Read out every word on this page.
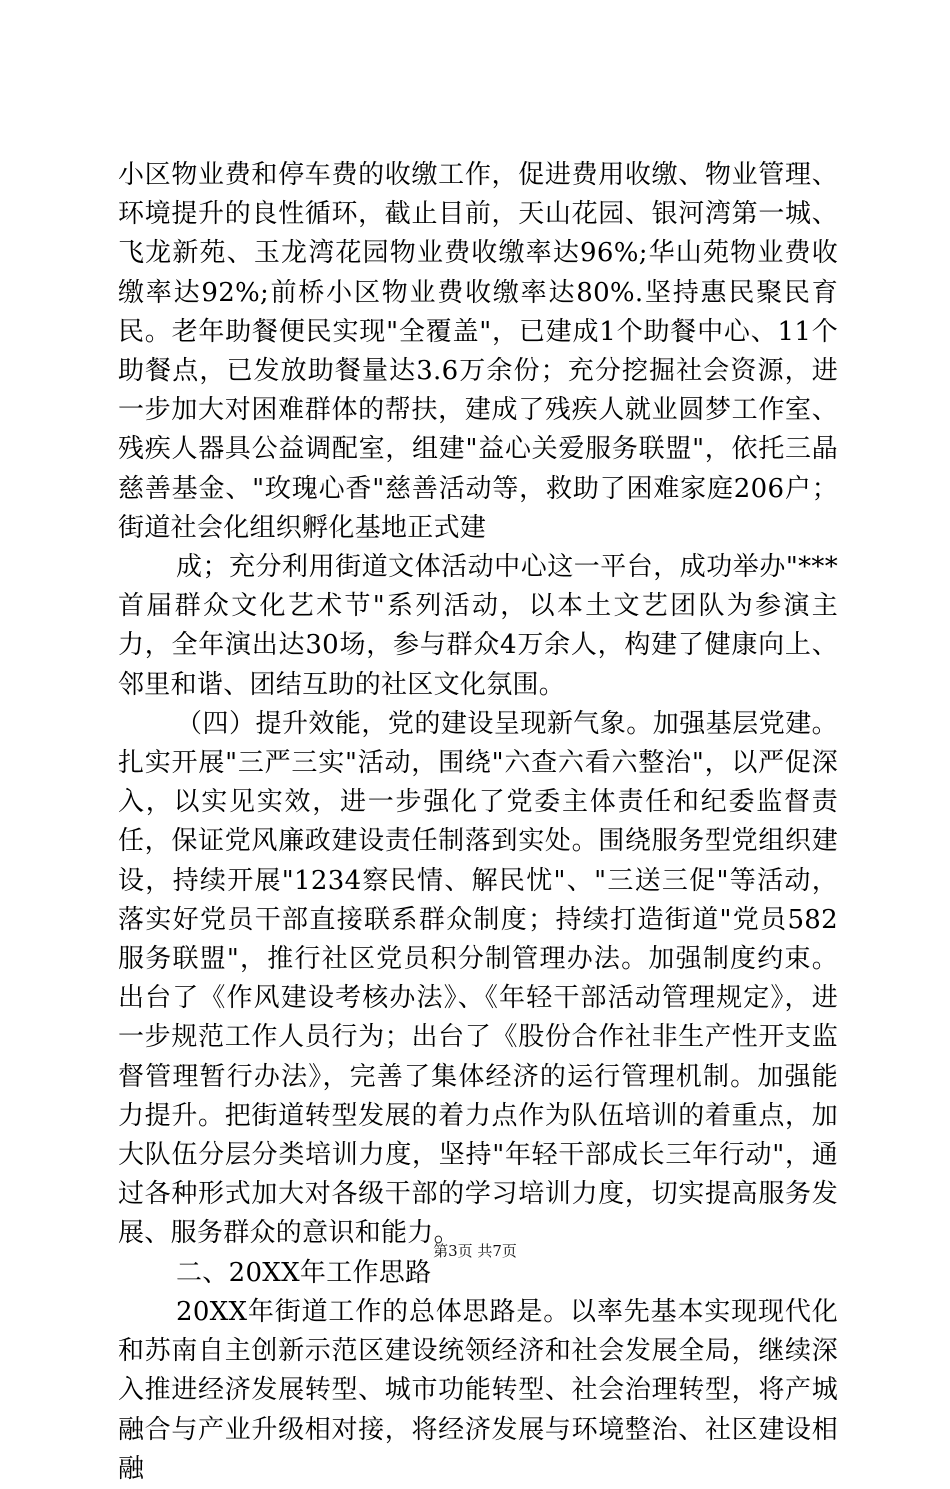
小区物业费和停车费的收缴工作，促进费用收缴、物业管理、环境提升的良性循环，截止目前，天山花园、银河湾第一城、飞龙新苑、玉龙湾花园物业费收缴率达96%;华山苑物业费收缴率达92%;前桥小区物业费收缴率达80%.坚持惠民聚民育民。老年助餐便民实现"全覆盖"，已建成1个助餐中心、11个助餐点，已发放助餐量达3.6万余份；充分挖掘社会资源，进一步加大对困难群体的帮扶，建成了残疾人就业圆梦工作室、残疾人器具公益调配室，组建"益心关爱服务联盟"，依托三晶慈善基金、"玫瑰心香"慈善活动等，救助了困难家庭206户；街道社会化组织孵化基地正式建

成；充分利用街道文体活动中心这一平台，成功举办"***首届群众文化艺术节"系列活动，以本土文艺团队为参演主力，全年演出达30场，参与群众4万余人，构建了健康向上、邻里和谐、团结互助的社区文化氛围。

（四）提升效能，党的建设呈现新气象。加强基层党建。扎实开展"三严三实"活动，围绕"六查六看六整治"，以严促深入，以实见实效，进一步强化了党委主体责任和纪委监督责任，保证党风廉政建设责任制落到实处。围绕服务型党组织建设，持续开展"1234察民情、解民忧"、"三送三促"等活动，落实好党员干部直接联系群众制度；持续打造街道"党员582服务联盟"，推行社区党员积分制管理办法。加强制度约束。出台了《作风建设考核办法》、《年轻干部活动管理规定》，进一步规范工作人员行为；出台了《股份合作社非生产性开支监督管理暂行办法》，完善了集体经济的运行管理机制。加强能力提升。把街道转型发展的着力点作为队伍培训的着重点，加大队伍分层分类培训力度，坚持"年轻干部成长三年行动"，通过各种形式加大对各级干部的学习培训力度，切实提高服务发展、服务群众的意识和能力。

二、20XX年工作思路

20XX年街道工作的总体思路是。以率先基本实现现代化和苏南自主创新示范区建设统领经济和社会发展全局，继续深入推进经济发展转型、城市功能转型、社会治理转型，将产城融合与产业升级相对接，将经济发展与环境整治、社区建设相融

第3页 共7页
